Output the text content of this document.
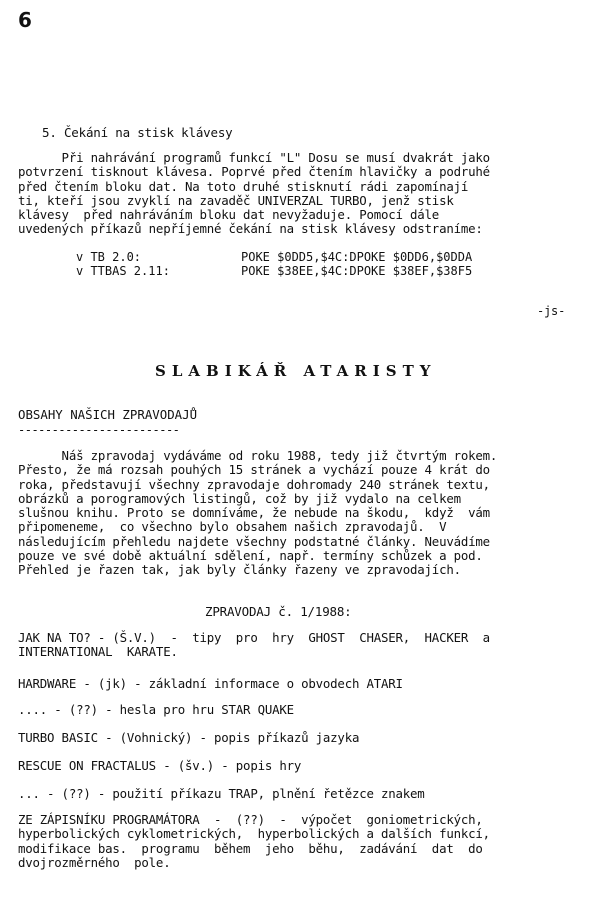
6
5. Čekání na stisk klávesy
Při nahrávání programů funkcí "L" Dosu se musí dvakrát jako
potvrzení tisknout klávesa. Poprvé před čtením hlavičky a podruhé
před čtením bloku dat. Na toto druhé stisknutí rádi zapomínají
ti, kteří jsou zvyklí na zavaděč UNIVERZAL TURBO, jenž stisk
klávesy  před nahráváním bloku dat nevyžaduje. Pomocí dále
uvedených příkazů nepříjemné čekání na stisk klávesy odstraníme:
v TB 2.0:	POKE $0DD5,$4C:DPOKE $0DD6,$0DDA
v TTBAS 2.11:	POKE $38EE,$4C:DPOKE $38EF,$38F5
-js-
SLABIKÁŘ ATARISTY
OBSAHY NAŠICH ZPRAVODAJŮ
------------------------
Náš zpravodaj vydáváme od roku 1988, tedy již čtvrtým rokem.
Přesto, že má rozsah pouhých 15 stránek a vychází pouze 4 krát do
roka, představují všechny zpravodaje dohromady 240 stránek textu,
obrázků a porogramových listingů, což by již vydalo na celkem
slušnou knihu. Proto se domníváme, že nebude na škodu,  když  vám
připomeneme,  co všechno bylo obsahem našich zpravodajů.  V
následujícím přehledu najdete všechny podstatné články. Neuvádíme
pouze ve své době aktuální sdělení, např. termíny schůzek a pod.
Přehled je řazen tak, jak byly články řazeny ve zpravodajích.
ZPRAVODAJ č. 1/1988:
JAK NA TO? - (Š.V.)  -  tipy  pro  hry  GHOST  CHASER,  HACKER  a
INTERNATIONAL  KARATE.
HARDWARE - (jk) - základní informace o obvodech ATARI
.... - (??) - hesla pro hru STAR QUAKE
TURBO BASIC - (Vohnický) - popis příkazů jazyka
RESCUE ON FRACTALUS - (šv.) - popis hry
... - (??) - použití příkazu TRAP, plnění řetězce znakem
ZE ZÁPISNÍKU PROGRAMÁTORA  -  (??)  -  výpočet  goniometrických,
hyperbolických cyklometrických,  hyperbolických a dalších funkcí,
modifikace bas.  programu  během  jeho  běhu,  zadávání  dat  do
dvojrozměrného  pole.
